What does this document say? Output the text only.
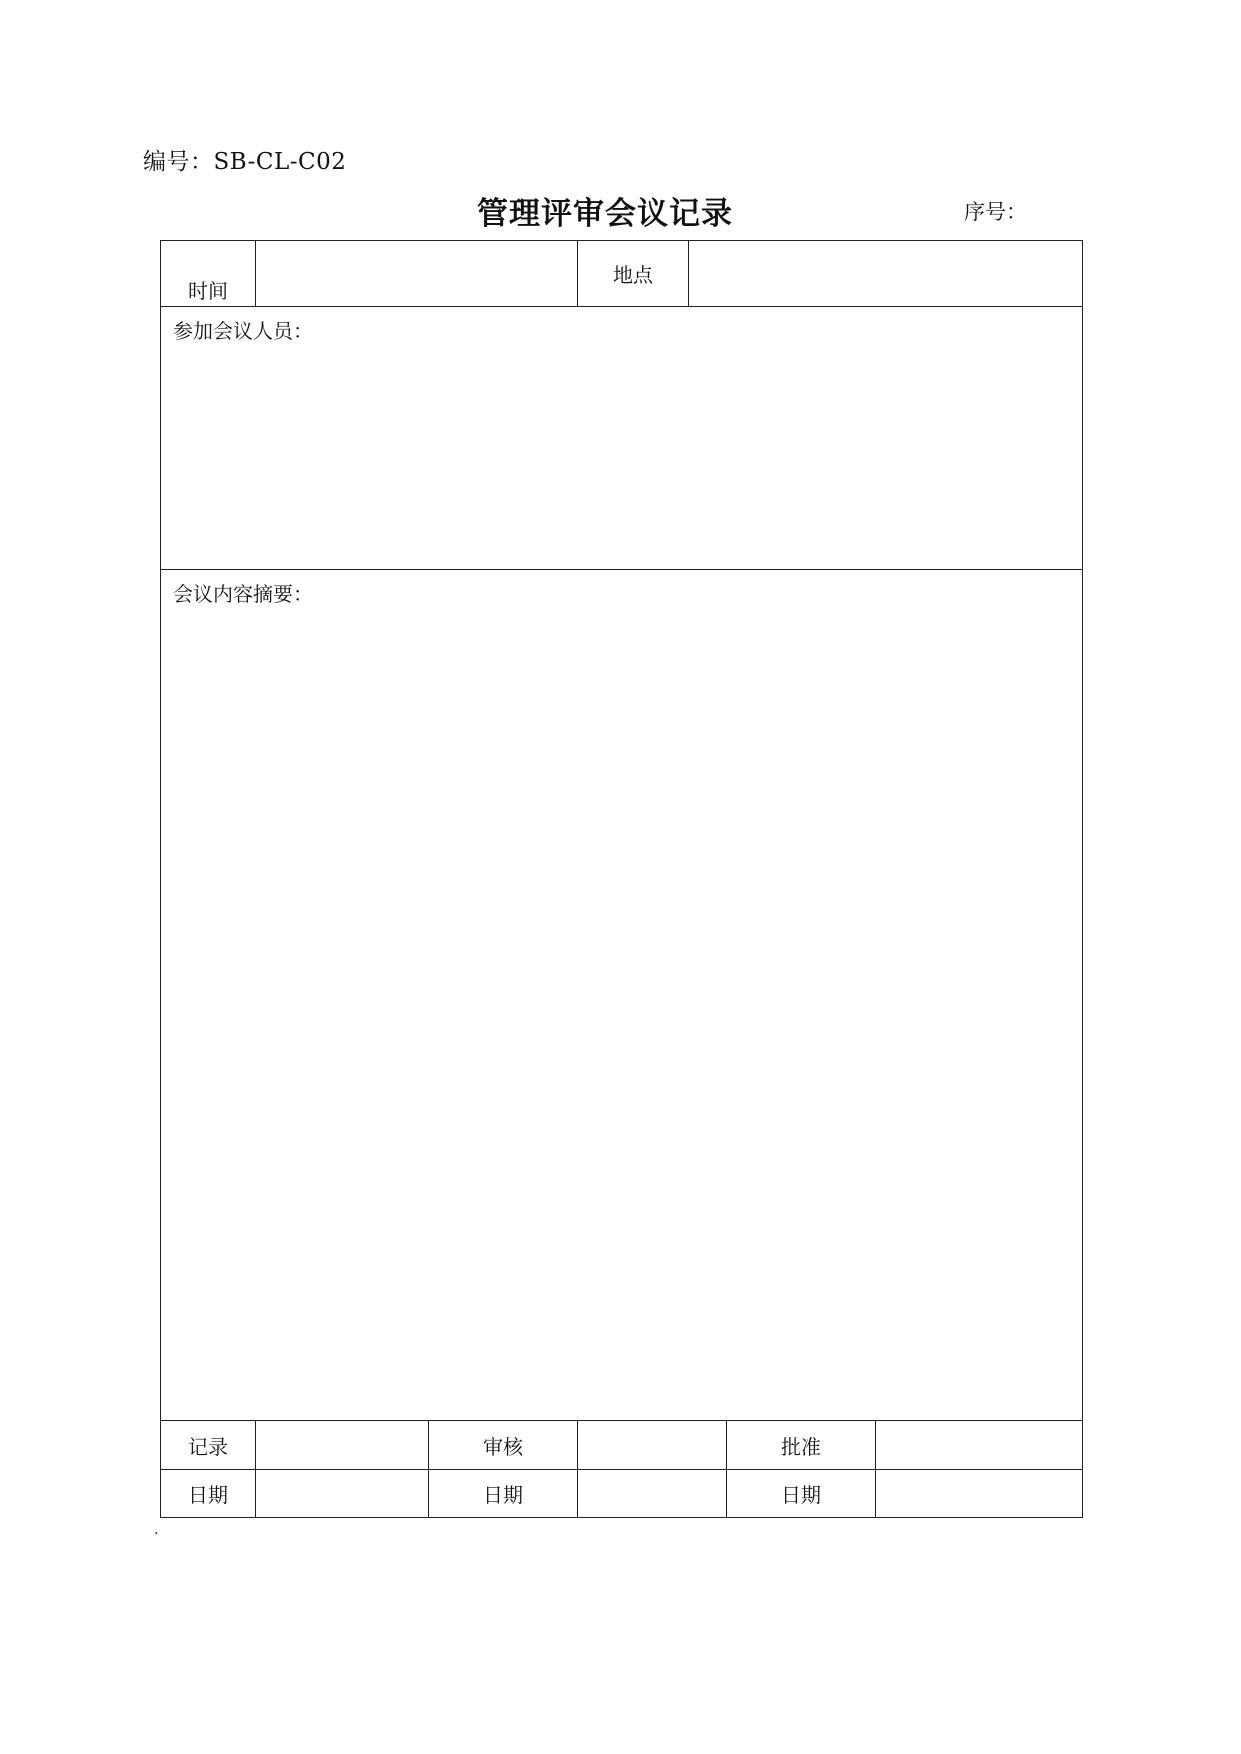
编号：SB-CL-C02
管理评审会议记录	序号：
时间			地点			
参加会议人员：						
会议内容摘要：						
记录		审核			批准	
日期		日期			日期	
.
